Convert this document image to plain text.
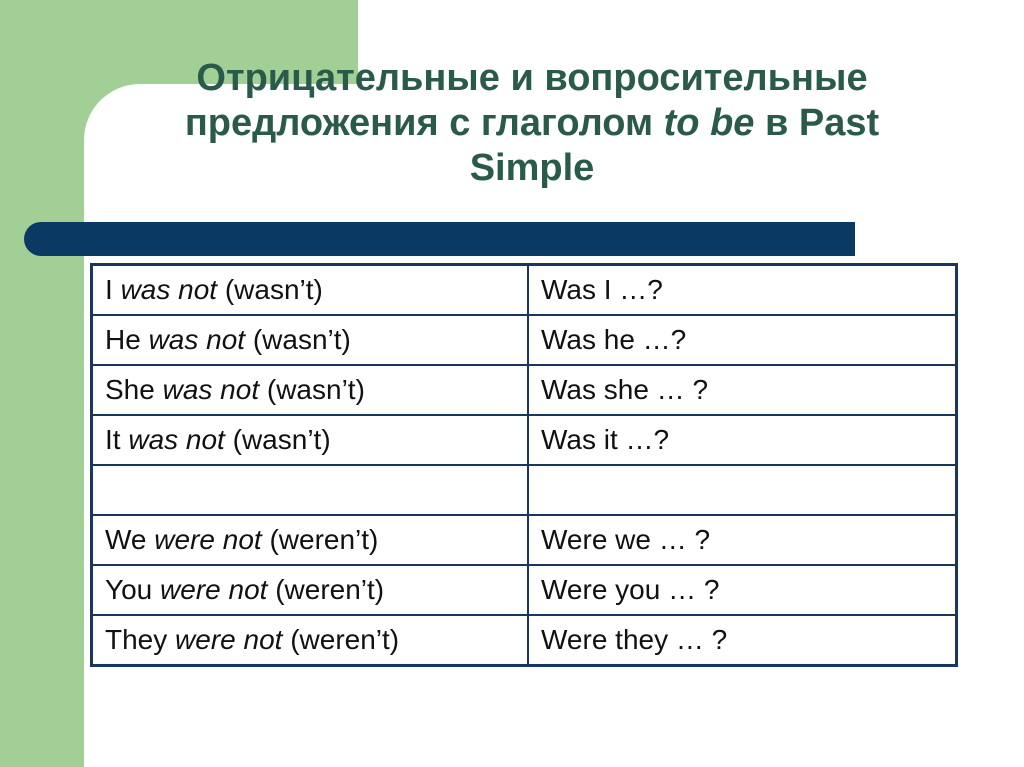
Отрицательные и вопросительные
предложения с глаголом to be в Past
Simple
I was not (wasn’t)	Was I …?
He was not (wasn’t)	Was he …?
She was not (wasn’t)	Was she … ?
It was not (wasn’t)	Was it …?

We were not (weren’t)	Were we … ?
You were not (weren’t)	Were you … ?
They were not (weren’t)	Were they … ?
